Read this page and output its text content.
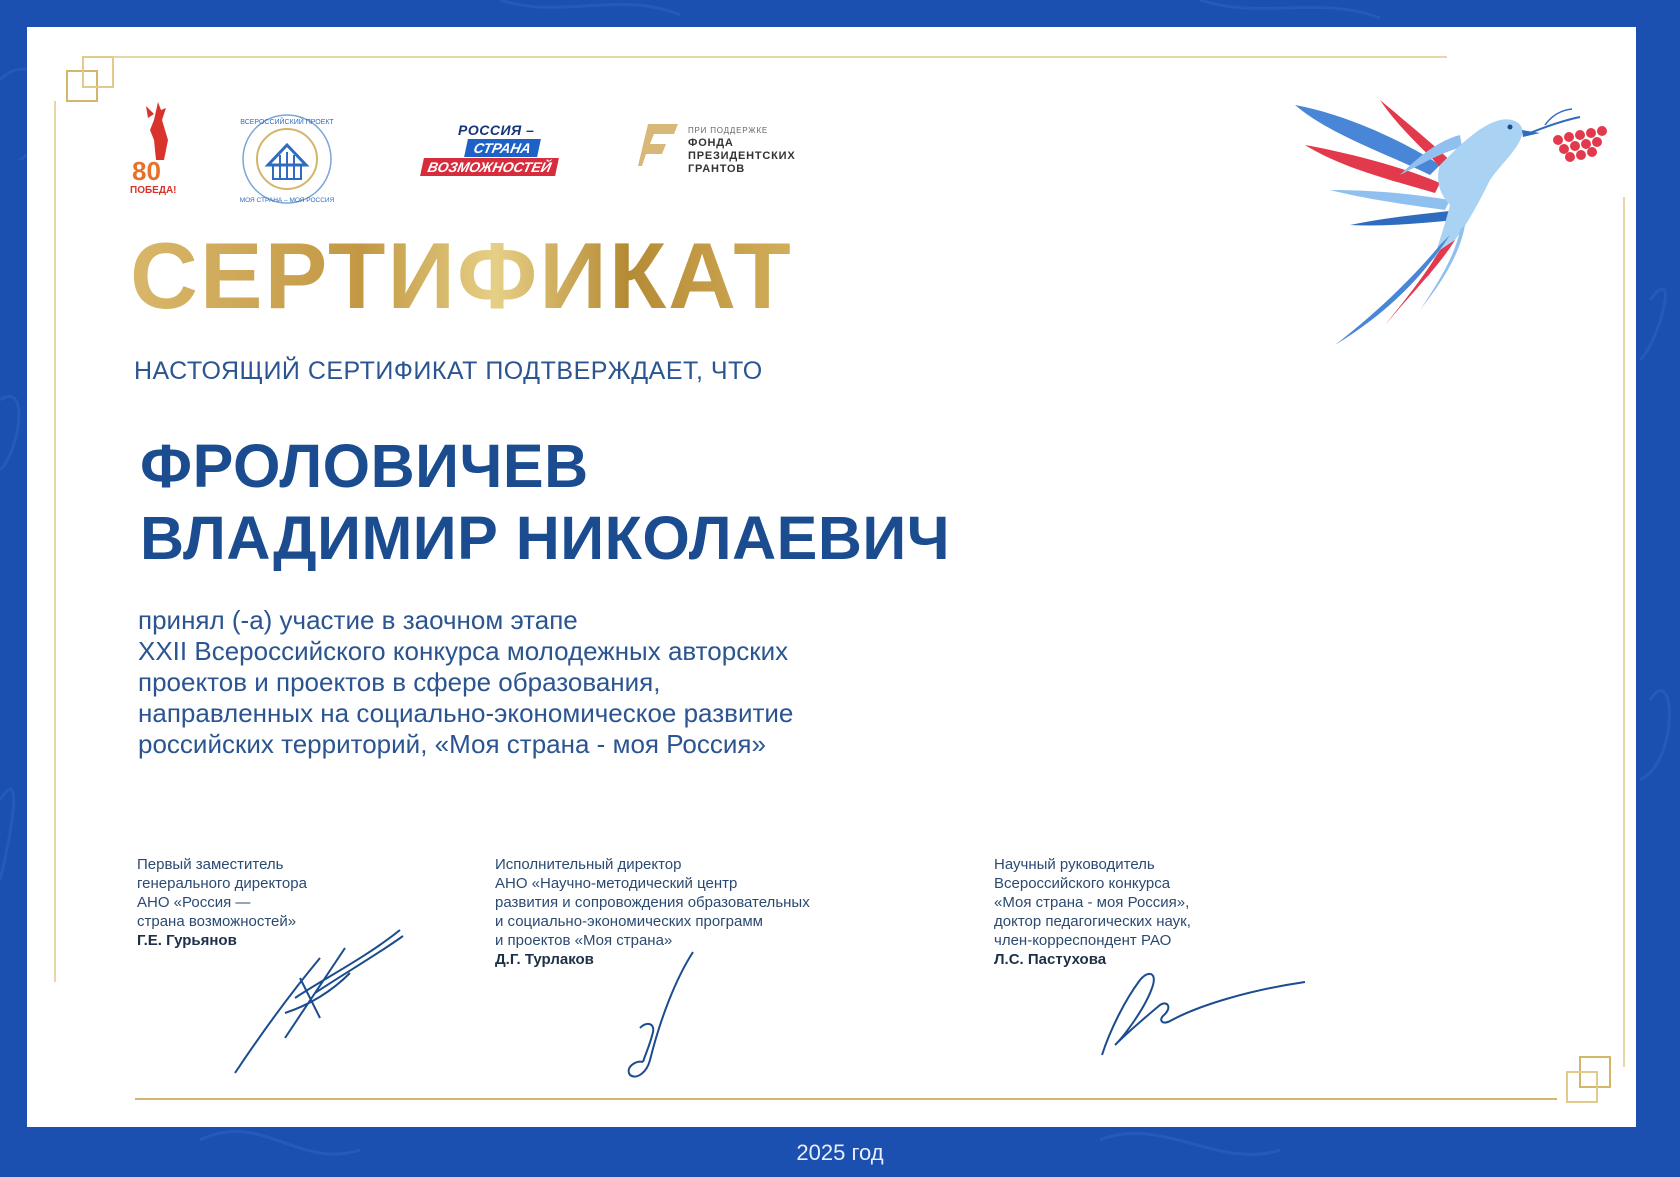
80
ПОБЕДА!
ВСЕРОССИЙСКИЙ ПРОЕКТ
МОЯ СТРАНА – МОЯ РОССИЯ
РОССИЯ –
СТРАНА
ВОЗМОЖНОСТЕЙ
ПРИ ПОДДЕРЖКЕ
ФОНДА
ПРЕЗИДЕНТСКИХ
ГРАНТОВ
СЕРТИФИКАТ
НАСТОЯЩИЙ СЕРТИФИКАТ ПОДТВЕРЖДАЕТ, ЧТО
ФРОЛОВИЧЕВ
ВЛАДИМИР НИКОЛАЕВИЧ
принял (-а) участие в заочном этапе
XXII Всероссийского конкурса молодежных авторских
проектов и проектов в сфере образования,
направленных на социально-экономическое развитие
российских территорий, «Моя страна - моя Россия»
Первый заместитель
генерального директора
АНО «Россия —
страна возможностей»
Г.Е. Гурьянов
Исполнительный директор
АНО «Научно-методический центр
развития и сопровождения образовательных
и социально-экономических программ
и проектов «Моя страна»
Д.Г. Турлаков
Научный руководитель
Всероссийского конкурса
«Моя страна - моя Россия»,
доктор педагогических наук,
член-корреспондент РАО
Л.С. Пастухова
2025 год
